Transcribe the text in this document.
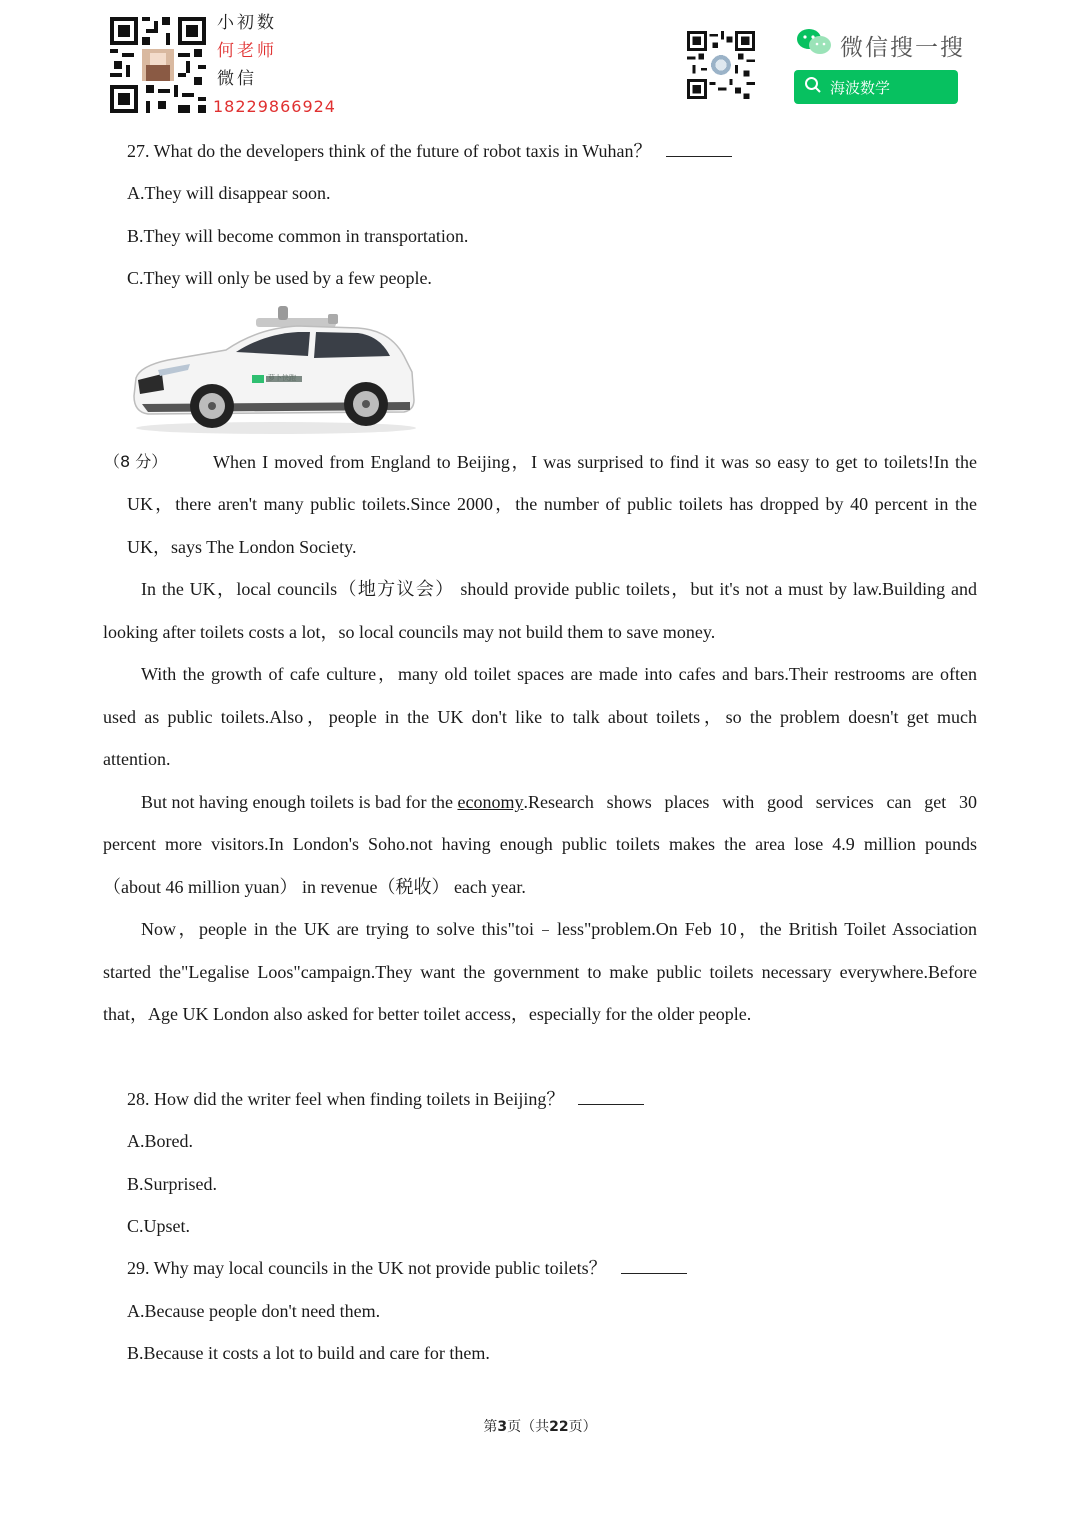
小初数
何老师
微信
18229866924
微信搜一搜
海波数学
27. What do the developers think of the future of robot taxis in Wuhan？
A.They will disappear soon.
B.They will become common in transportation.
C.They will only be used by a few people.
萝卜快跑
（8 分）	When I moved from England to Beijing，I was surprised to find it was so easy to get to toilets!In the
UK，there aren't many public toilets.Since 2000，the number of public toilets has dropped by 40 percent in the
UK，says The London Society.
In the UK，local councils（地方议会） should provide public toilets，but it's not a must by law.Building and
looking after toilets costs a lot，so local councils may not build them to save money.
With the growth of cafe culture，many old toilet spaces are made into cafes and bars.Their restrooms are often
used as public toilets.Also，people in the UK don't like to talk about toilets，so the problem doesn't get much
attention.
But not having enough toilets is bad for the economy .Research shows places with good services can get 30
percent more visitors.In London's Soho.not having enough public toilets makes the area lose 4.9 million pounds
（about 46 million yuan） in revenue（税收） each year.
Now，people in the UK are trying to solve this"toi﹣less"problem.On Feb 10，the British Toilet Association
started the"Legalise Loos"campaign.They want the government to make public toilets necessary everywhere.Before
that，Age UK London also asked for better toilet access，especially for the older people.
28. How did the writer feel when finding toilets in Beijing？
A.Bored.
B.Surprised.
C.Upset.
29. Why may local councils in the UK not provide public toilets？
A.Because people don't need them.
B.Because it costs a lot to build and care for them.
第3页（共22页）
